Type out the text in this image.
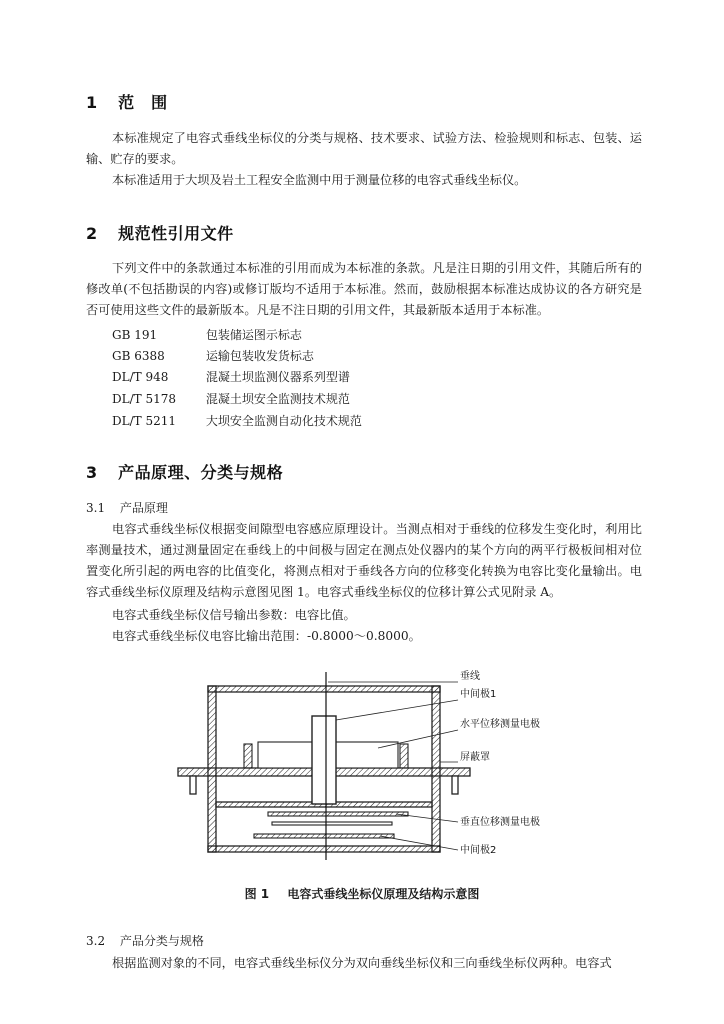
1 范　围

本标准规定了电容式垂线坐标仪的分类与规格、技术要求、试验方法、检验规则和标志、包装、运输、贮存的要求。

本标准适用于大坝及岩土工程安全监测中用于测量位移的电容式垂线坐标仪。

2 规范性引用文件

下列文件中的条款通过本标准的引用而成为本标准的条款。凡是注日期的引用文件，其随后所有的修改单(不包括勘误的内容)或修订版均不适用于本标准。然而，鼓励根据本标准达成协议的各方研究是否可使用这些文件的最新版本。凡是不注日期的引用文件，其最新版本适用于本标准。

GB 191	包装储运图示标志
GB 6388	运输包装收发货标志
DL/T 948	混凝土坝监测仪器系列型谱
DL/T 5178 混凝土坝安全监测技术规范
DL/T 5211 大坝安全监测自动化技术规范
3 产品原理、分类与规格
3.1 产品原理

电容式垂线坐标仪根据变间隙型电容感应原理设计。当测点相对于垂线的位移发生变化时，利用比率测量技术，通过测量固定在垂线上的中间极与固定在测点处仪器内的某个方向的两平行极板间相对位置变化所引起的两电容的比值变化，将测点相对于垂线各方向的位移变化转换为电容比变化量输出。电容式垂线坐标仪原理及结构示意图见图 1。电容式垂线坐标仪的位移计算公式见附录 A。

电容式垂线坐标仪信号输出参数：电容比值。

电容式垂线坐标仪电容比输出范围：-0.8000～0.8000。

垂线
中间极1
水平位移测量电极
屏蔽罩
垂直位移测量电极
中间极2
图 1 电容式垂线坐标仪原理及结构示意图
3.2 产品分类与规格

根据监测对象的不同，电容式垂线坐标仪分为双向垂线坐标仪和三向垂线坐标仪两种。电容式
